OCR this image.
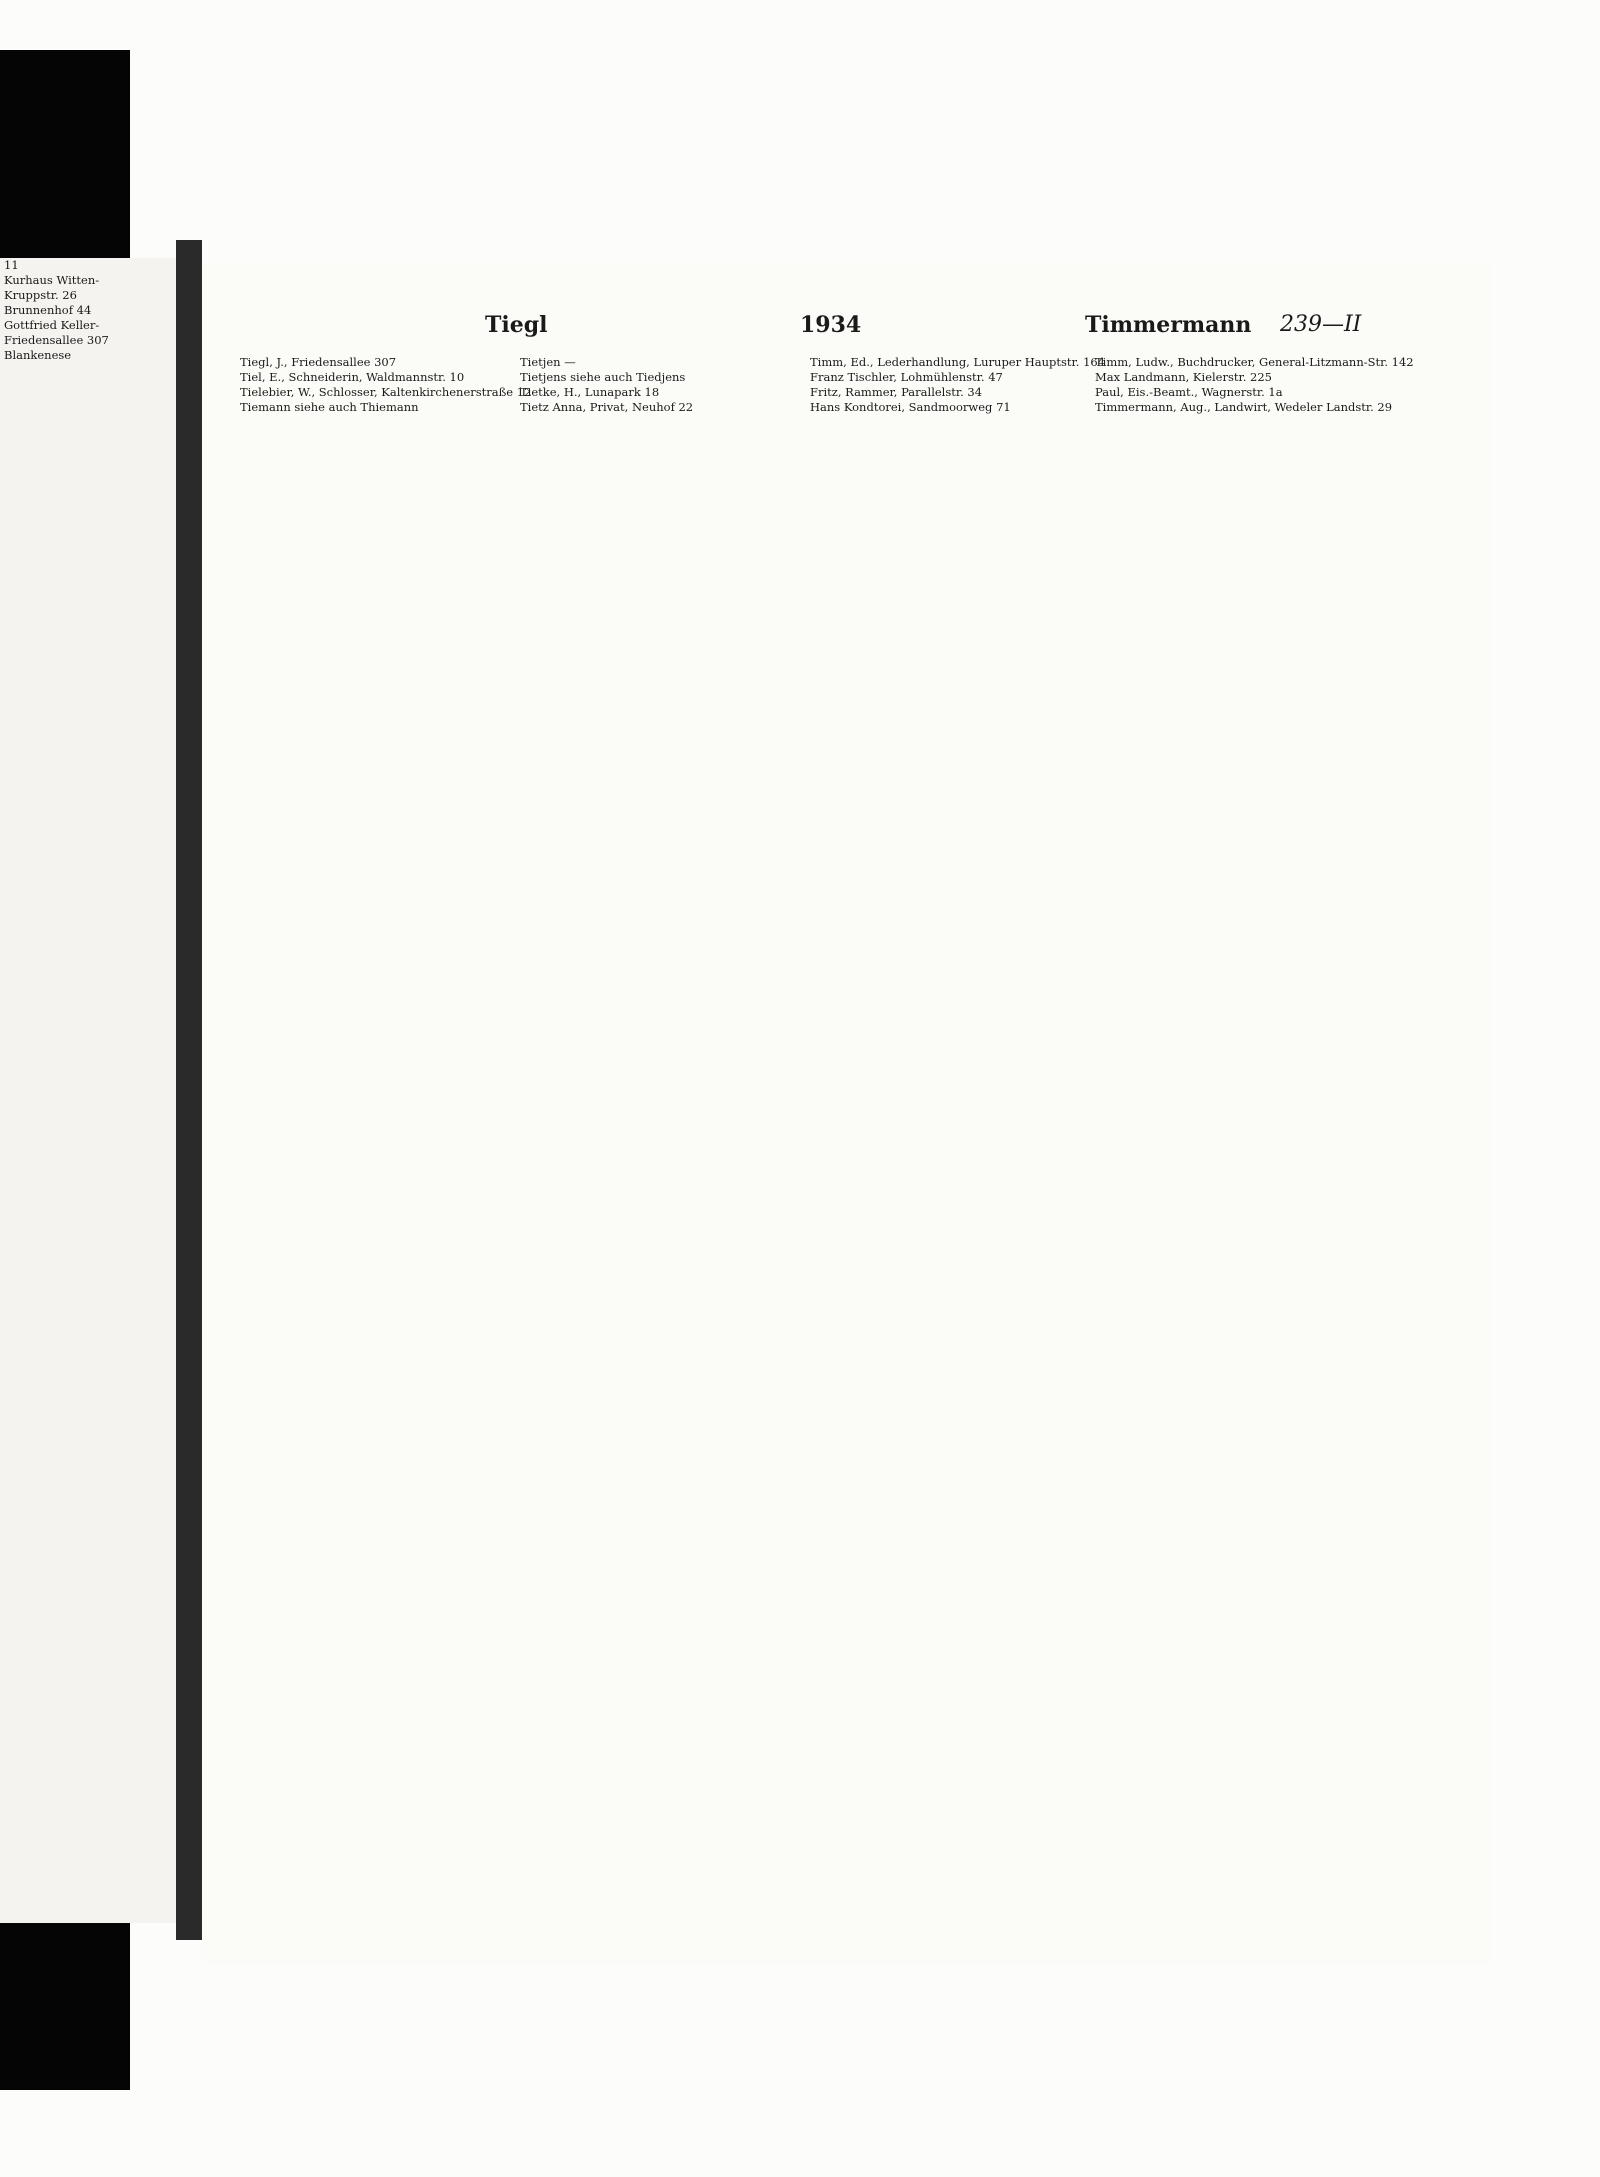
11

Kurhaus Witten-

Kruppstr. 26

Brunnenhof 44

Gottfried Keller-

Friedensallee 307

Blankenese

Tiegl	1934	Timmermann 239—II

Tiegl, J., Friedensallee 307

Tiel, E., Schneiderin, Waldmannstr. 10

Tielebier, W., Schlosser, Kaltenkirchenerstraße 12

Tiemann siehe auch Thiemann

Tietjen —

Tietjens siehe auch Tiedjens

Tietke, H., Lunapark 18

Tietz Anna, Privat, Neuhof 22

Timm, Ed., Lederhandlung, Luruper Hauptstr. 164

Franz Tischler, Lohmühlenstr. 47

Fritz, Rammer, Parallelstr. 34

Hans Kondtorei, Sandmoorweg 71

Timm, Ludw., Buchdrucker, General-Litzmann-Str. 142

Max Landmann, Kielerstr. 225

Paul, Eis.-Beamt., Wagnerstr. 1a

Timmermann, Aug., Landwirt, Wedeler Landstr. 29
